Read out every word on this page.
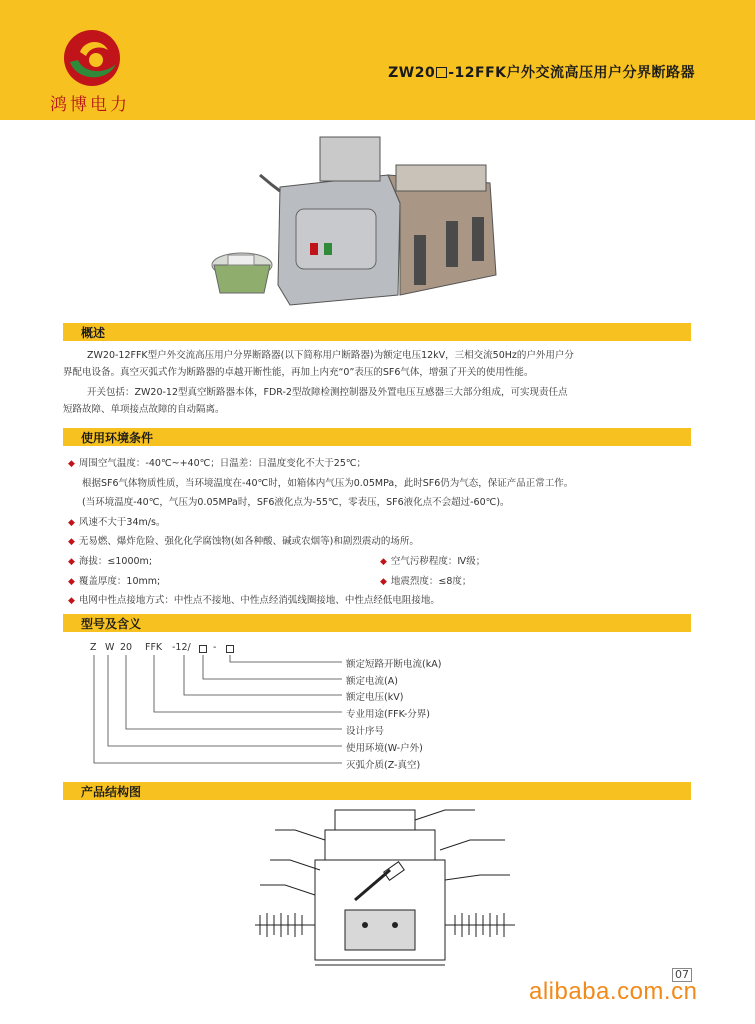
鸿博电力
ZW20 -12FFK户外交流高压用户分界断路器
概述
ZW20-12FFK型户外交流高压用户分界断路器(以下简称用户断路器)为额定电压12kV，三相交流50Hz的户外用户分
界配电设备。真空灭弧式作为断路器的卓越开断性能，再加上内充“0”表压的SF6气体，增强了开关的使用性能。
开关包括：ZW20-12型真空断路器本体，FDR-2型故障检测控制器及外置电压互感器三大部分组成，可实现责任点
短路故障、单项接点故障的自动隔离。
使用环境条件
◆ 周围空气温度：-40℃~+40℃；日温差：日温度变化不大于25℃；
根据SF6气体物质性质，当环境温度在-40℃时，如箱体内气压为0.05MPa，此时SF6仍为气态，保证产品正常工作。
(当环境温度-40℃，气压为0.05MPa时，SF6液化点为-55℃，零表压，SF6液化点不会超过-60℃)。
◆ 风速不大于34m/s。
◆ 无易燃、爆炸危险、强化化学腐蚀物(如各种酸、碱或农烟等)和剧烈震动的场所。
◆ 海拔：≤1000m;	◆ 空气污秽程度：Ⅳ级；
◆ 覆盖厚度：10mm;	◆ 地震烈度：≤8度；
◆ 电网中性点接地方式：中性点不接地、中性点经消弧线圈接地、中性点经低电阻接地。
型号及含义
Z W 20 FFK -12/ -
额定短路开断电流(kA)
额定电流(A)
额定电压(kV)
专业用途(FFK-分界)
设计序号
使用环境(W-户外)
灭弧介质(Z-真空)
产品结构图
07
alibaba.com.cn
